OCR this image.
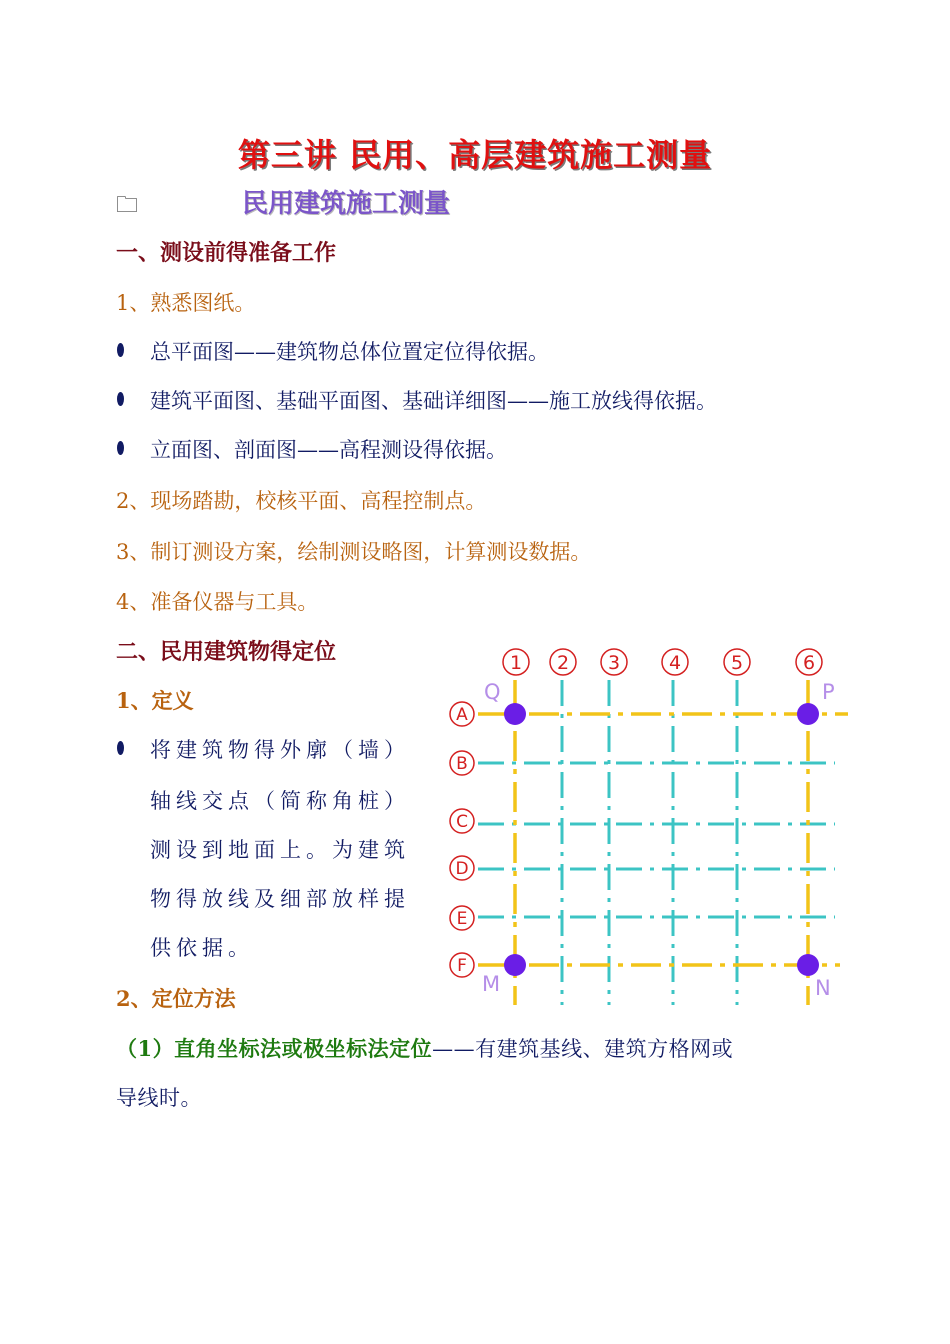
第三讲 民用、高层建筑施工测量
🗀	民用建筑施工测量
一、测设前得准备工作
1、熟悉图纸。
总平面图——建筑物总体位置定位得依据。
建筑平面图、基础平面图、基础详细图——施工放线得依据。
立面图、剖面图——高程测设得依据。
2、现场踏勘，校核平面、高程控制点。
3、制订测设方案，绘制测设略图，计算测设数据。
4、准备仪器与工具。
二、民用建筑物得定位
1、定义
将建筑物得外廓（墙）
轴线交点（简称角桩）
测设到地面上。为建筑
物得放线及细部放样提
供依据。
2、定位方法
（1）直角坐标法或极坐标法定位——有建筑基线、建筑方格网或
导线时。
1 2 3	4	5	6
A
B
C
D
E
F
Q	P
M	N
